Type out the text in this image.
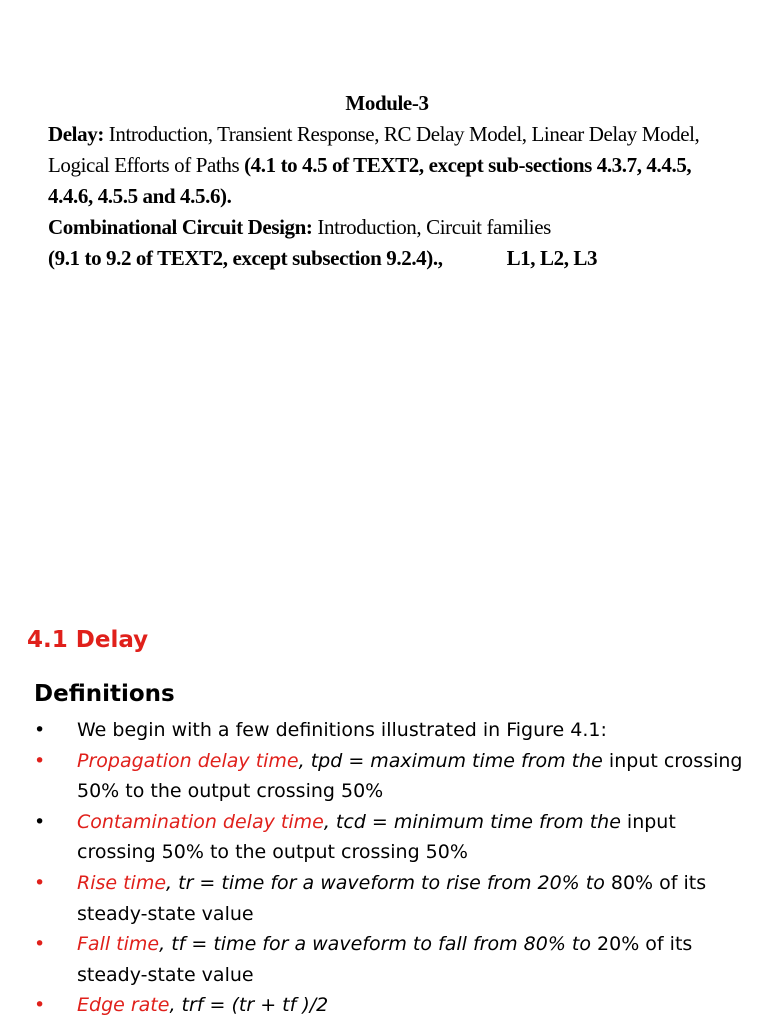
Module-3
Delay: Introduction, Transient Response, RC Delay Model, Linear Delay Model,
Logical Efforts of Paths (4.1 to 4.5 of TEXT2, except sub-sections 4.3.7, 4.4.5,
4.4.6, 4.5.5 and 4.5.6).
Combinational Circuit Design: Introduction, Circuit families
(9.1 to 9.2 of TEXT2, except subsection 9.2.4).,	L1, L2, L3
4.1 Delay
Definitions
• We begin with a few definitions illustrated in Figure 4.1:
• Propagation delay time, tpd = maximum time from the input crossing 50% to the output crossing 50%
• Contamination delay time, tcd = minimum time from the input crossing 50% to the output crossing 50%
• Rise time, tr = time for a waveform to rise from 20% to 80% of its steady-state value
• Fall time, tf = time for a waveform to fall from 80% to 20% of its steady-state value
• Edge rate, trf = (tr + tf )/2
